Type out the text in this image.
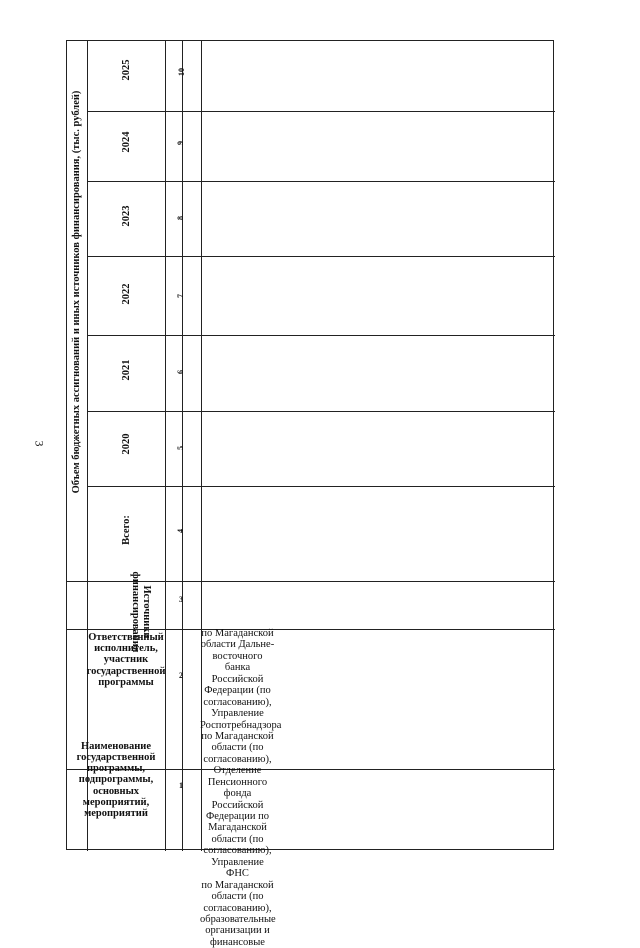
3 Объем бюджетных ассигнований и иных источников финансирования, (тыс. рублей)
Всего:
2020
2021
2022
2023
2024
2025
4
5
6
7
8
9
10
Источники
финансирования	3
Ответственный
исполнитель,
участник
государственной
программы
2
Наименование
государственной
программы,
подпрограммы,
основных
мероприятий,
мероприятий
1
по Магаданской
области Дальне-
восточного банка
Российской
Федерации (по
согласованию),
Управление
Роспотребнадзора
по Магаданской
области (по
согласованию),
Отделение
Пенсионного
фонда
Российской
Федерации по
Магаданской
области (по
согласованию),
Управление ФНС
по Магаданской
области (по
согласованию),
образовательные
организации и
финансовые
